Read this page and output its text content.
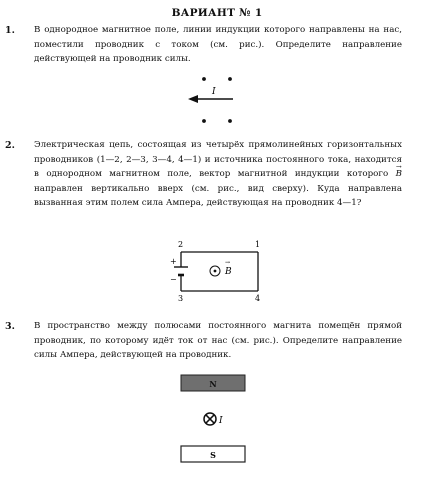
ВАРИАНТ № 1
1. В однородное магнитное поле, линии индукции которого направлены на нас, поместили проводник с током (см. рис.). Определите направление действующей на проводник силы.
I
2. Электрическая цепь, состоящая из четырёх прямолинейных горизонтальных проводников (1—2, 2—3, 3—4, 4—1) и источника постоянного тока, находится в однородном магнитном поле, вектор магнитной индукции которого
→
B направлен вертикально вверх (см. рис., вид сверху). Куда направлена вызванная этим полем сила Ампера, действующая на проводник 4—1?
2	1
3	4
+
−
B
→
3. В пространство между полюсами постоянного магнита помещён прямой проводник, по которому идёт ток от нас (см. рис.). Определите направление силы Ампера, действующей на проводник.
N
I
S
